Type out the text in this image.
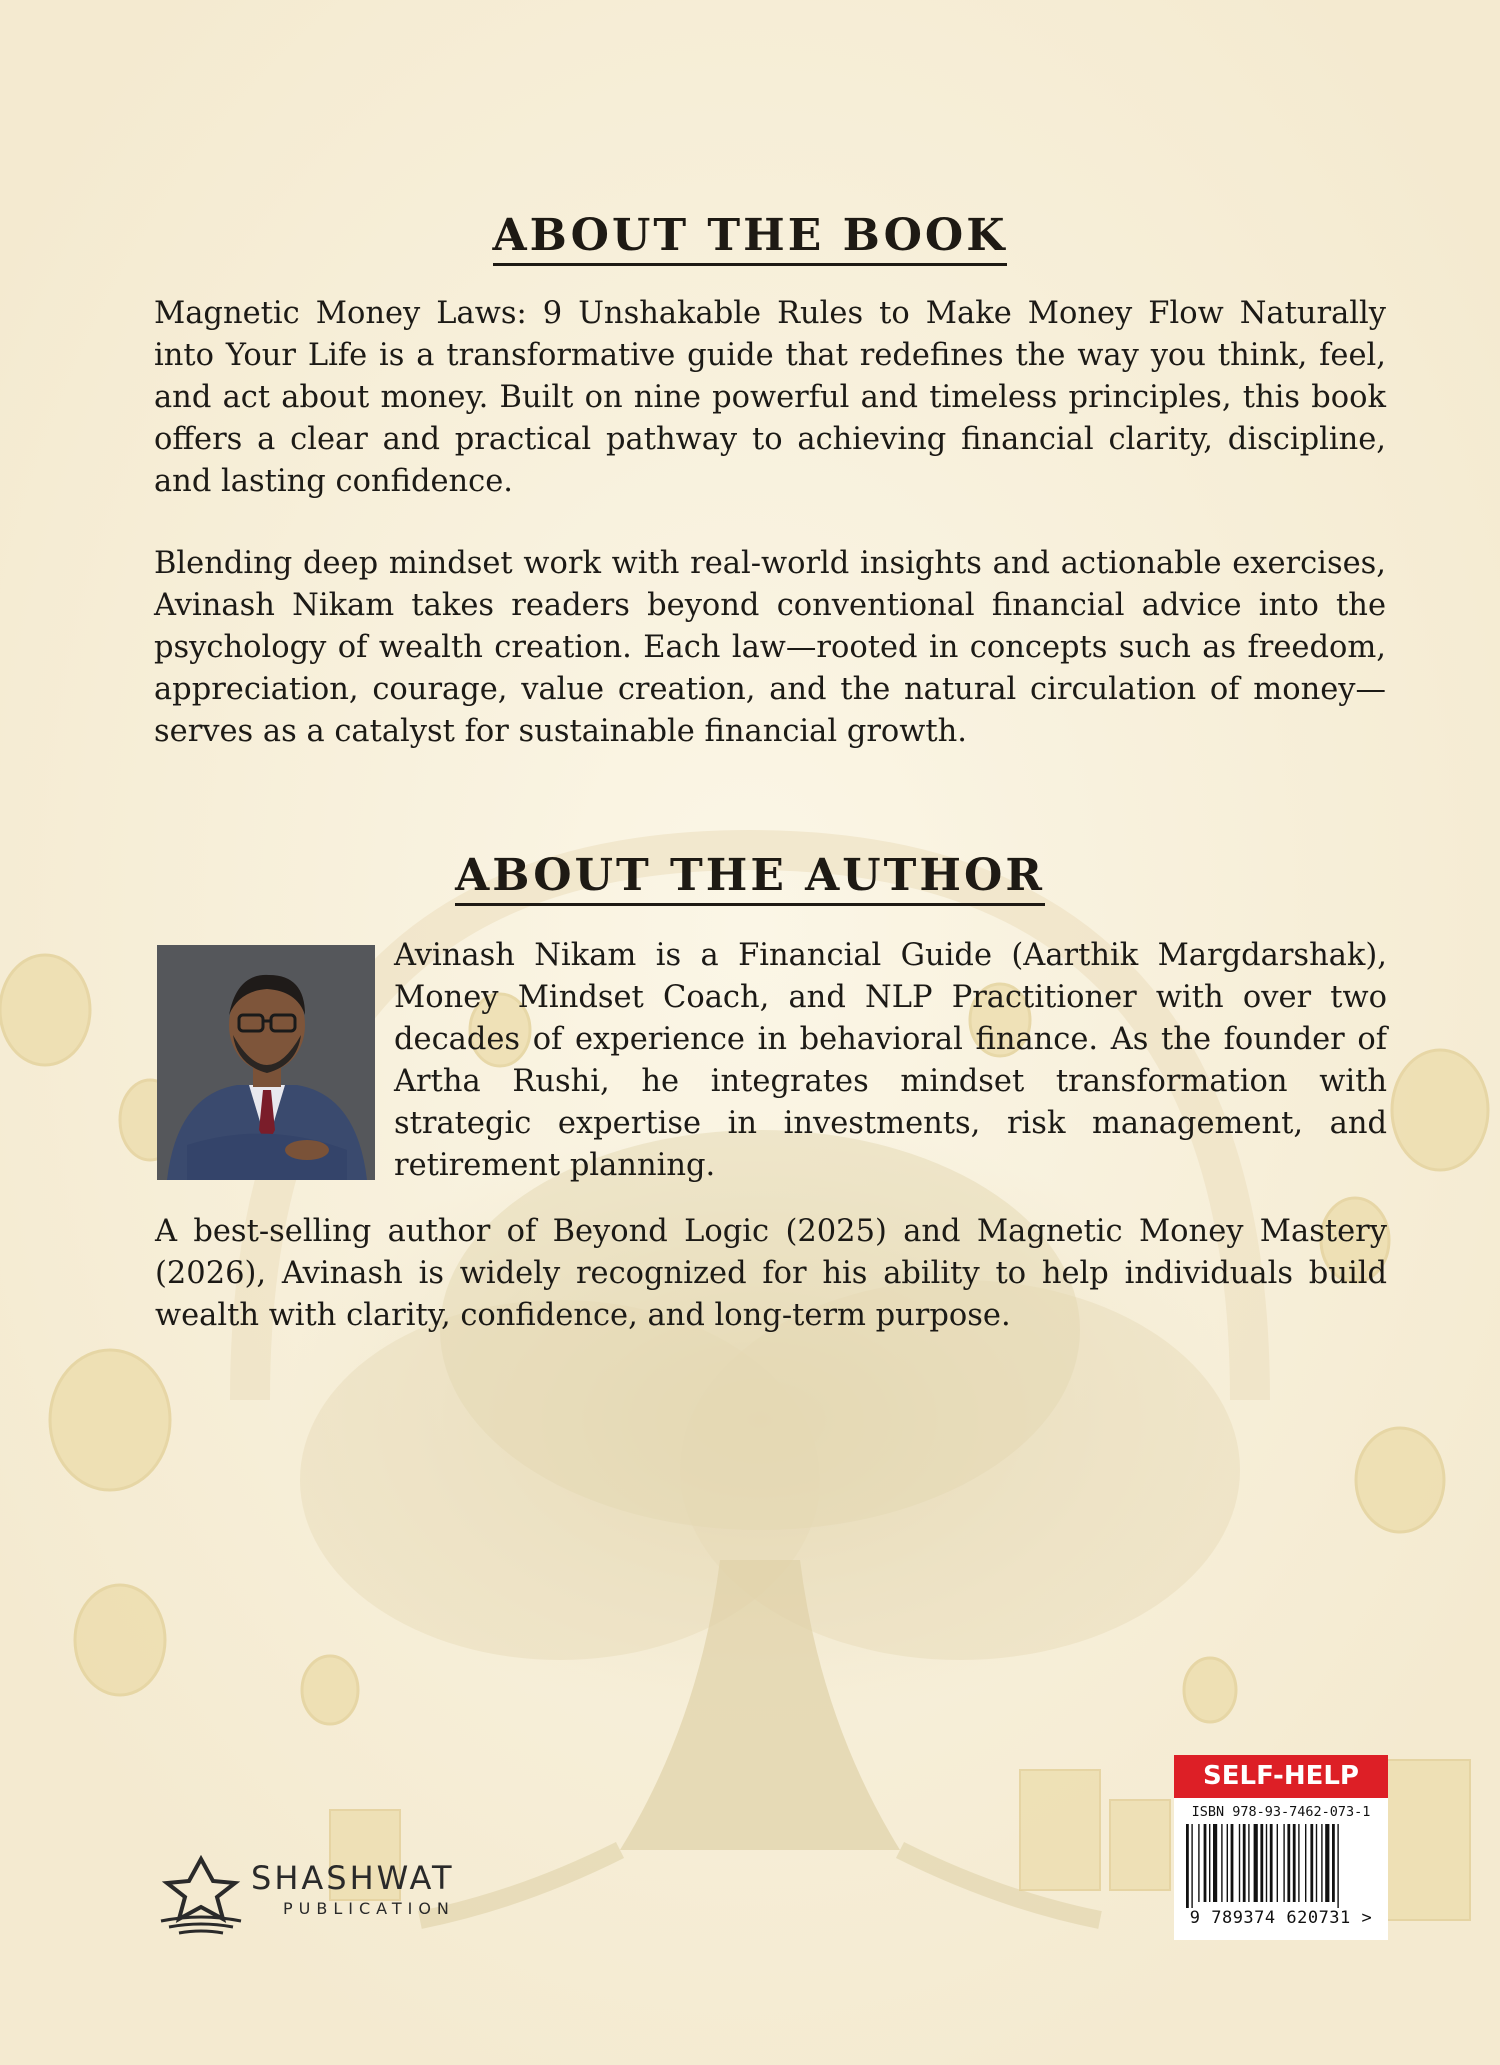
ABOUT THE BOOK

Magnetic Money Laws: 9 Unshakable Rules to Make Money Flow Naturally into Your Life is a transformative guide that redefines the way you think, feel, and act about money. Built on nine powerful and timeless principles, this book offers a clear and practical pathway to achieving financial clarity, discipline, and lasting confidence.

Blending deep mindset work with real-world insights and actionable exercises, Avinash Nikam takes readers beyond conventional financial advice into the psychology of wealth creation. Each law—rooted in concepts such as freedom, appreciation, courage, value creation, and the natural circulation of money—serves as a catalyst for sustainable financial growth.

ABOUT THE AUTHOR

Avinash Nikam is a Financial Guide (Aarthik Margdarshak), Money Mindset Coach, and NLP Practitioner with over two decades of experience in behavioral finance. As the founder of Artha Rushi, he integrates mindset transformation with strategic expertise in investments, risk management, and retirement planning.

A best-selling author of Beyond Logic (2025) and Magnetic Money Mastery (2026), Avinash is widely recognized for his ability to help individuals build wealth with clarity, confidence, and long-term purpose.

SHASHWAT
PUBLICATION
SELF-HELP
ISBN 978-93-7462-073-1
9 789374 620731 >
